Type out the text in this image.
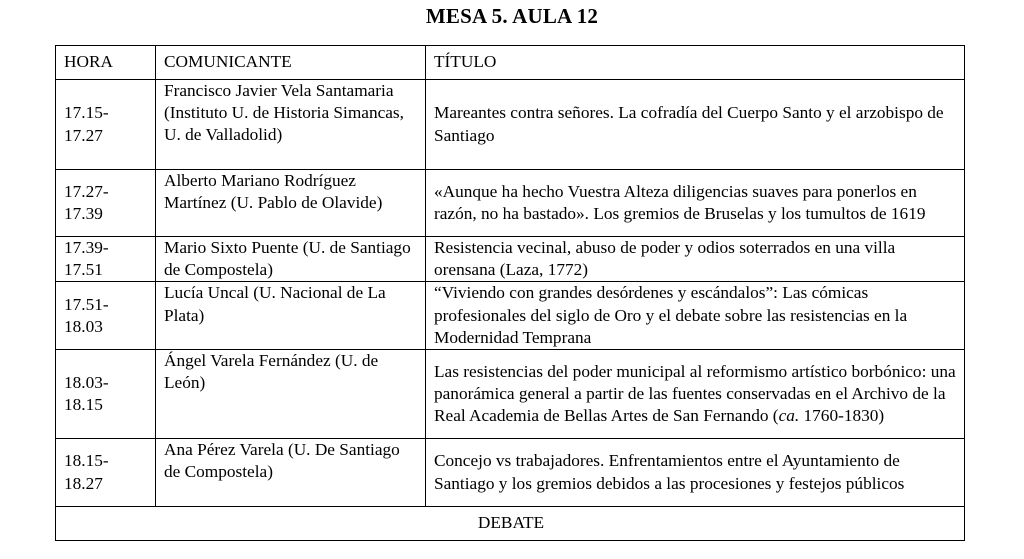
MESA 5. AULA 12
HORA	COMUNICANTE	TÍTULO

17.15-
17.27	Francisco Javier Vela Santamaria (Instituto U. de Historia Simancas, U. de Valladolid)	Mareantes contra señores. La cofradía del Cuerpo Santo y el arzobispo de Santiago

17.27-
17.39	Alberto Mariano Rodríguez Martínez (U. Pablo de Olavide)	«Aunque ha hecho Vuestra Alteza diligencias suaves para ponerlos en razón, no ha bastado». Los gremios de Bruselas y los tumultos de 1619

17.39-
17.51	Mario Sixto Puente (U. de Santiago de Compostela)	Resistencia vecinal, abuso de poder y odios soterrados en una villa orensana (Laza, 1772)

17.51-
18.03	Lucía Uncal (U. Nacional de La Plata)	“Viviendo con grandes desórdenes y escándalos”: Las cómicas profesionales del siglo de Oro y el debate sobre las resistencias en la Modernidad Temprana

18.03-
18.15	Ángel Varela Fernández (U. de León)	Las resistencias del poder municipal al reformismo artístico borbónico: una panorámica general a partir de las fuentes conservadas en el Archivo de la Real Academia de Bellas Artes de San Fernando (ca. 1760-1830)

18.15-
18.27	Ana Pérez Varela (U. De Santiago de Compostela)	Concejo vs trabajadores. Enfrentamientos entre el Ayuntamiento de Santiago y los gremios debidos a las procesiones y festejos públicos
DEBATE		
